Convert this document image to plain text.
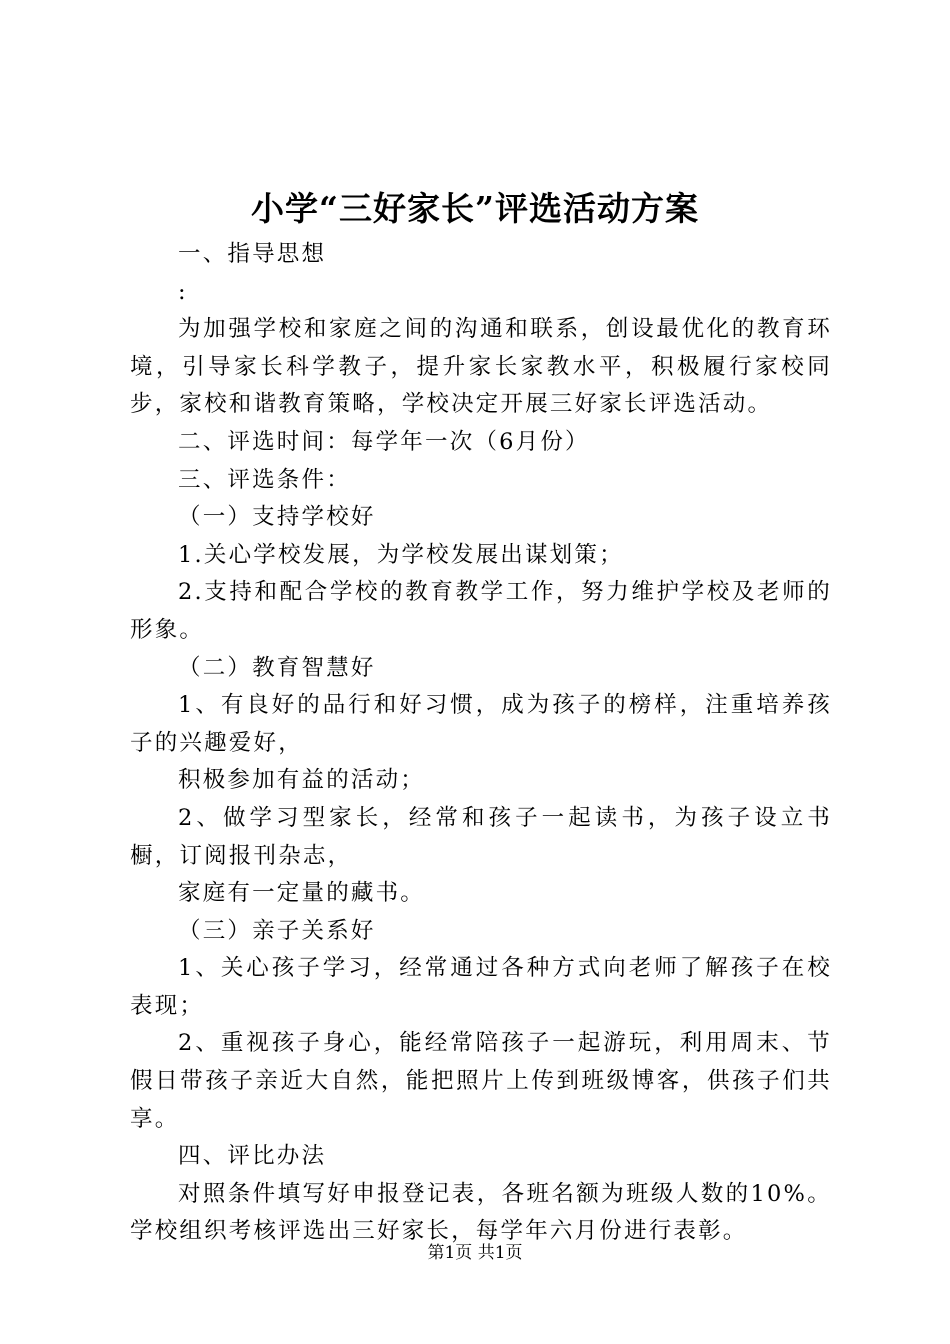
小学“三好家长”评选活动方案

一、指导思想

:

为加强学校和家庭之间的沟通和联系，创设最优化的教育环境，引导家长科学教子，提升家长家教水平，积极履行家校同步，家校和谐教育策略，学校决定开展三好家长评选活动。

二、评选时间：每学年一次（6月份）

三、评选条件：

（一）支持学校好

1.关心学校发展，为学校发展出谋划策；

2.支持和配合学校的教育教学工作，努力维护学校及老师的形象。

（二）教育智慧好

1、有良好的品行和好习惯，成为孩子的榜样，注重培养孩子的兴趣爱好，

积极参加有益的活动；

2、做学习型家长，经常和孩子一起读书，为孩子设立书橱，订阅报刊杂志，

家庭有一定量的藏书。

（三）亲子关系好

1、关心孩子学习，经常通过各种方式向老师了解孩子在校表现；

2、重视孩子身心，能经常陪孩子一起游玩，利用周末、节假日带孩子亲近大自然，能把照片上传到班级博客，供孩子们共享。

四、评比办法

对照条件填写好申报登记表，各班名额为班级人数的10%。学校组织考核评选出三好家长，每学年六月份进行表彰。

第1页 共1页
